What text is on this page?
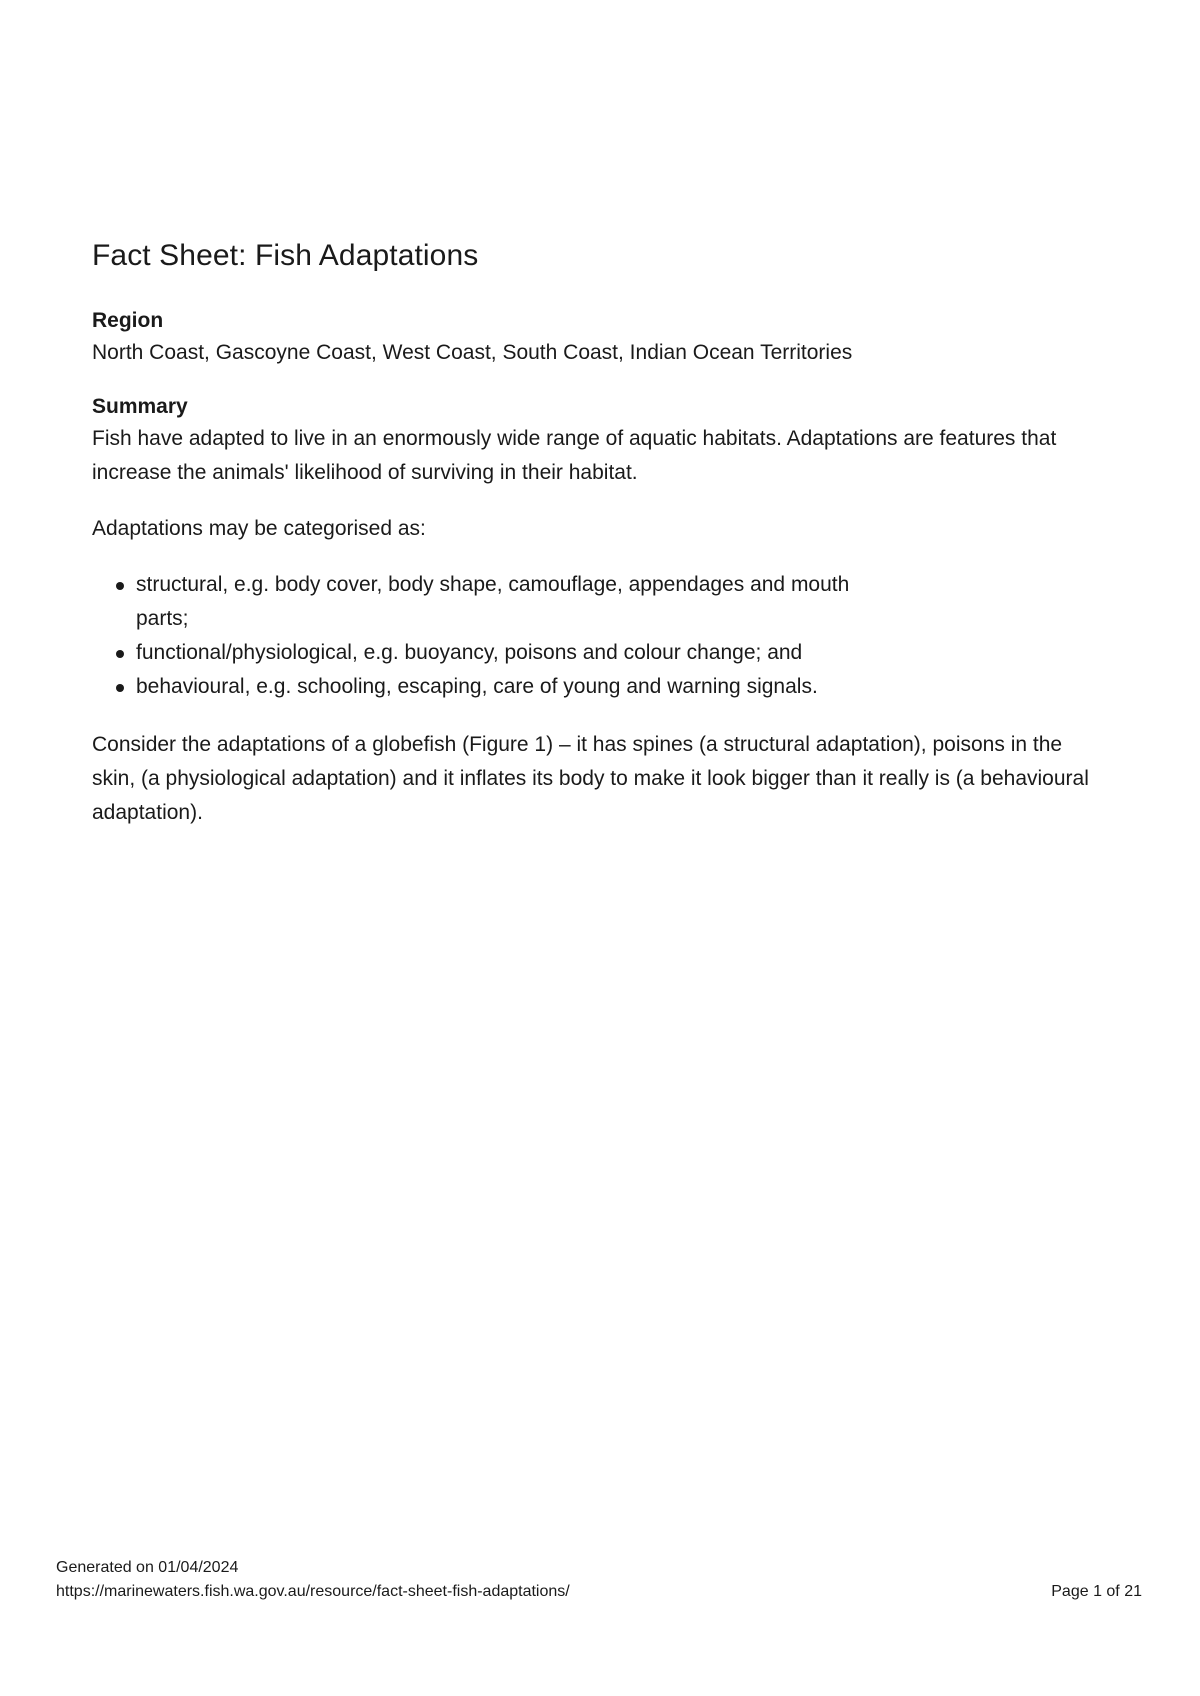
Fact Sheet: Fish Adaptations
Region

North Coast, Gascoyne Coast, West Coast, South Coast, Indian Ocean Territories

Summary

Fish have adapted to live in an enormously wide range of aquatic habitats. Adaptations are features that increase the animals' likelihood of surviving in their habitat.

Adaptations may be categorised as:

structural, e.g. body cover, body shape, camouflage, appendages and mouth parts;
functional/physiological, e.g. buoyancy, poisons and colour change; and
behavioural, e.g. schooling, escaping, care of young and warning signals.

Consider the adaptations of a globefish (Figure 1) – it has spines (a structural adaptation), poisons in the skin, (a physiological adaptation) and it inflates its body to make it look bigger than it really is (a behavioural adaptation).

Generated on 01/04/2024
https://marinewaters.fish.wa.gov.au/resource/fact-sheet-fish-adaptations/	Page 1 of 21
